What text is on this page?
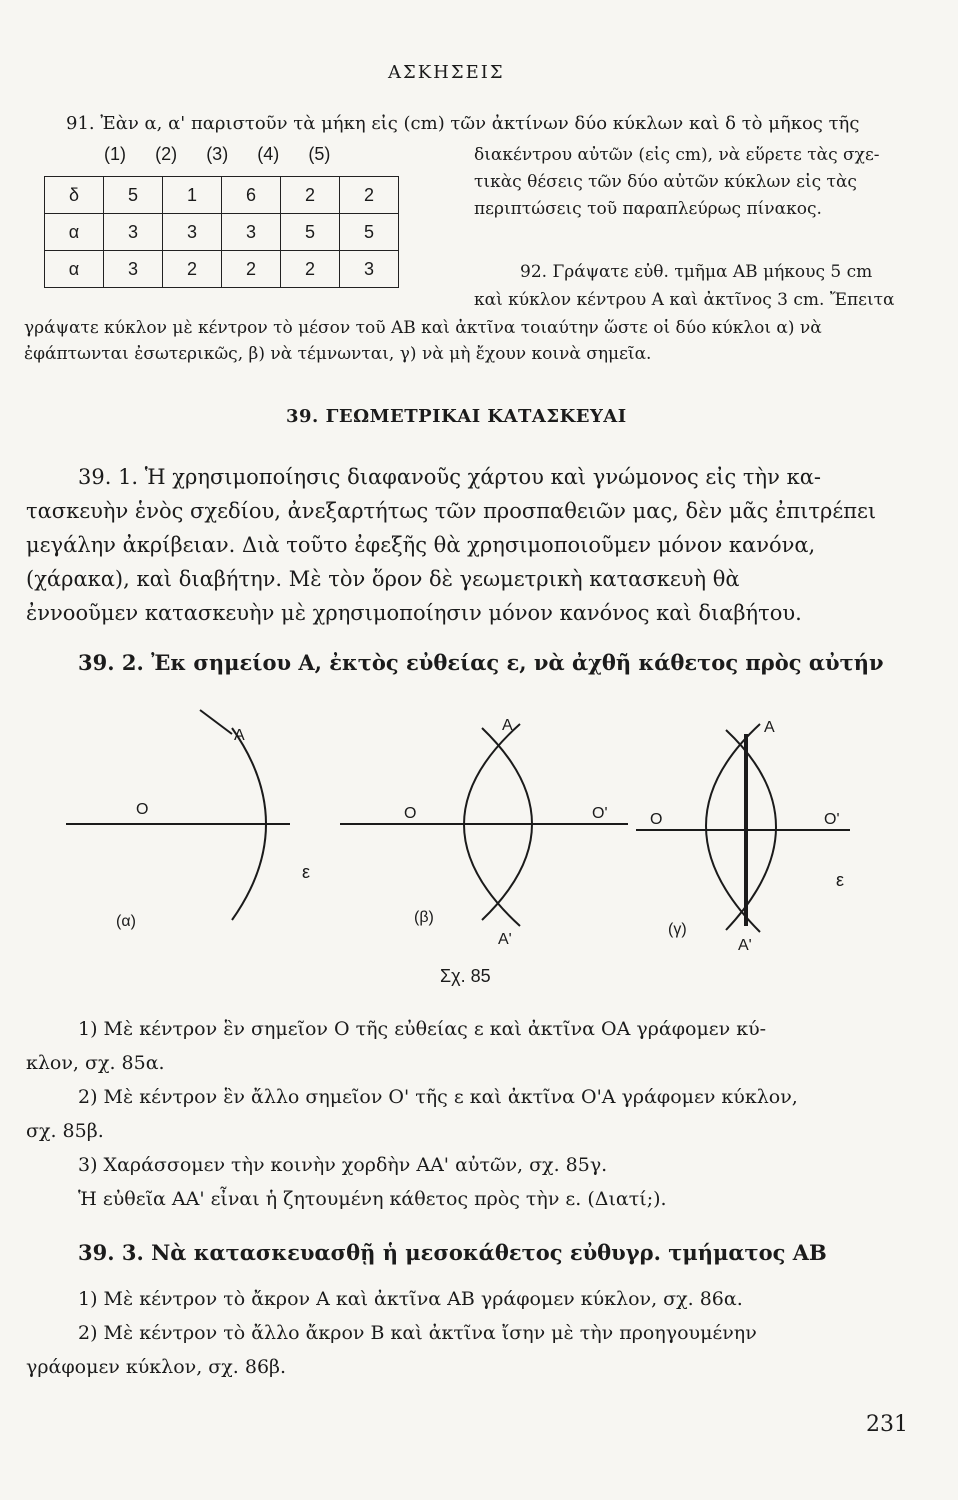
ΑΣΚΗΣΕΙΣ
91. Ἐὰν α, α' παριστοῦν τὰ μήκη εἰς (cm) τῶν ἀκτίνων δύο κύκλων καὶ δ τὸ μῆκος τῆς
(1) (2) (3) (4) (5)
δ	5	1	6	2	2
α	3	3	3	5	5
α	3	2	2	2	3
διακέντρου αὐτῶν (εἰς cm), νὰ εὕρετε τὰς σχε-
τικὰς θέσεις τῶν δύο αὐτῶν κύκλων εἰς τὰς
περιπτώσεις τοῦ παραπλεύρως πίνακος.
92. Γράψατε εὐθ. τμῆμα AB μήκους 5 cm
καὶ κύκλον κέντρου A καὶ ἀκτῖνος 3 cm. Ἔπειτα
γράψατε κύκλον μὲ κέντρον τὸ μέσον τοῦ AB καὶ ἀκτῖνα τοιαύτην ὥστε οἱ δύο κύκλοι α) νὰ
ἐφάπτωνται ἐσωτερικῶς, β) νὰ τέμνωνται, γ) νὰ μὴ ἔχουν κοινὰ σημεῖα.
39. ΓΕΩΜΕΤΡΙΚΑΙ ΚΑΤΑΣΚΕΥΑΙ
39. 1. Ἡ χρησιμοποίησις διαφανοῦς χάρτου καὶ γνώμονος εἰς τὴν κα-
τασκευὴν ἑνὸς σχεδίου, ἀνεξαρτήτως τῶν προσπαθειῶν μας, δὲν μᾶς ἐπιτρέπει
μεγάλην ἀκρίβειαν. Διὰ τοῦτο ἐφεξῆς θὰ χρησιμοποιοῦμεν μόνον κανόνα,
(χάρακα), καὶ διαβήτην. Μὲ τὸν ὅρον δὲ γεωμετρικὴ κατασκευὴ θὰ
ἐννοοῦμεν κατασκευὴν μὲ χρησιμοποίησιν μόνον κανόνος καὶ διαβήτου.
39. 2. Ἐκ σημείου A, ἐκτὸς εὐθείας ε, νὰ ἀχθῆ κάθετος πρὸς αὐτήν
A
O
ε
(α)
A
O	O'
A'
(β)
A
O	O'
A'
ε
(γ)
Σχ. 85
1) Μὲ κέντρον ἓν σημεῖον O τῆς εὐθείας ε καὶ ἀκτῖνα OA γράφομεν κύ-
κλον, σχ. 85α.
2) Μὲ κέντρον ἓν ἄλλο σημεῖον O' τῆς ε καὶ ἀκτῖνα O'A γράφομεν κύκλον,
σχ. 85β.
3) Χαράσσομεν τὴν κοινὴν χορδὴν AA' αὐτῶν, σχ. 85γ.
Ἡ εὐθεῖα AA' εἶναι ἡ ζητουμένη κάθετος πρὸς τὴν ε. (Διατί;).
39. 3. Νὰ κατασκευασθῇ ἡ μεσοκάθετος εὐθυγρ. τμήματος AB
1) Μὲ κέντρον τὸ ἄκρον A καὶ ἀκτῖνα AB γράφομεν κύκλον, σχ. 86α.
2) Μὲ κέντρον τὸ ἄλλο ἄκρον B καὶ ἀκτῖνα ἴσην μὲ τὴν προηγουμένην
γράφομεν κύκλον, σχ. 86β.
231
